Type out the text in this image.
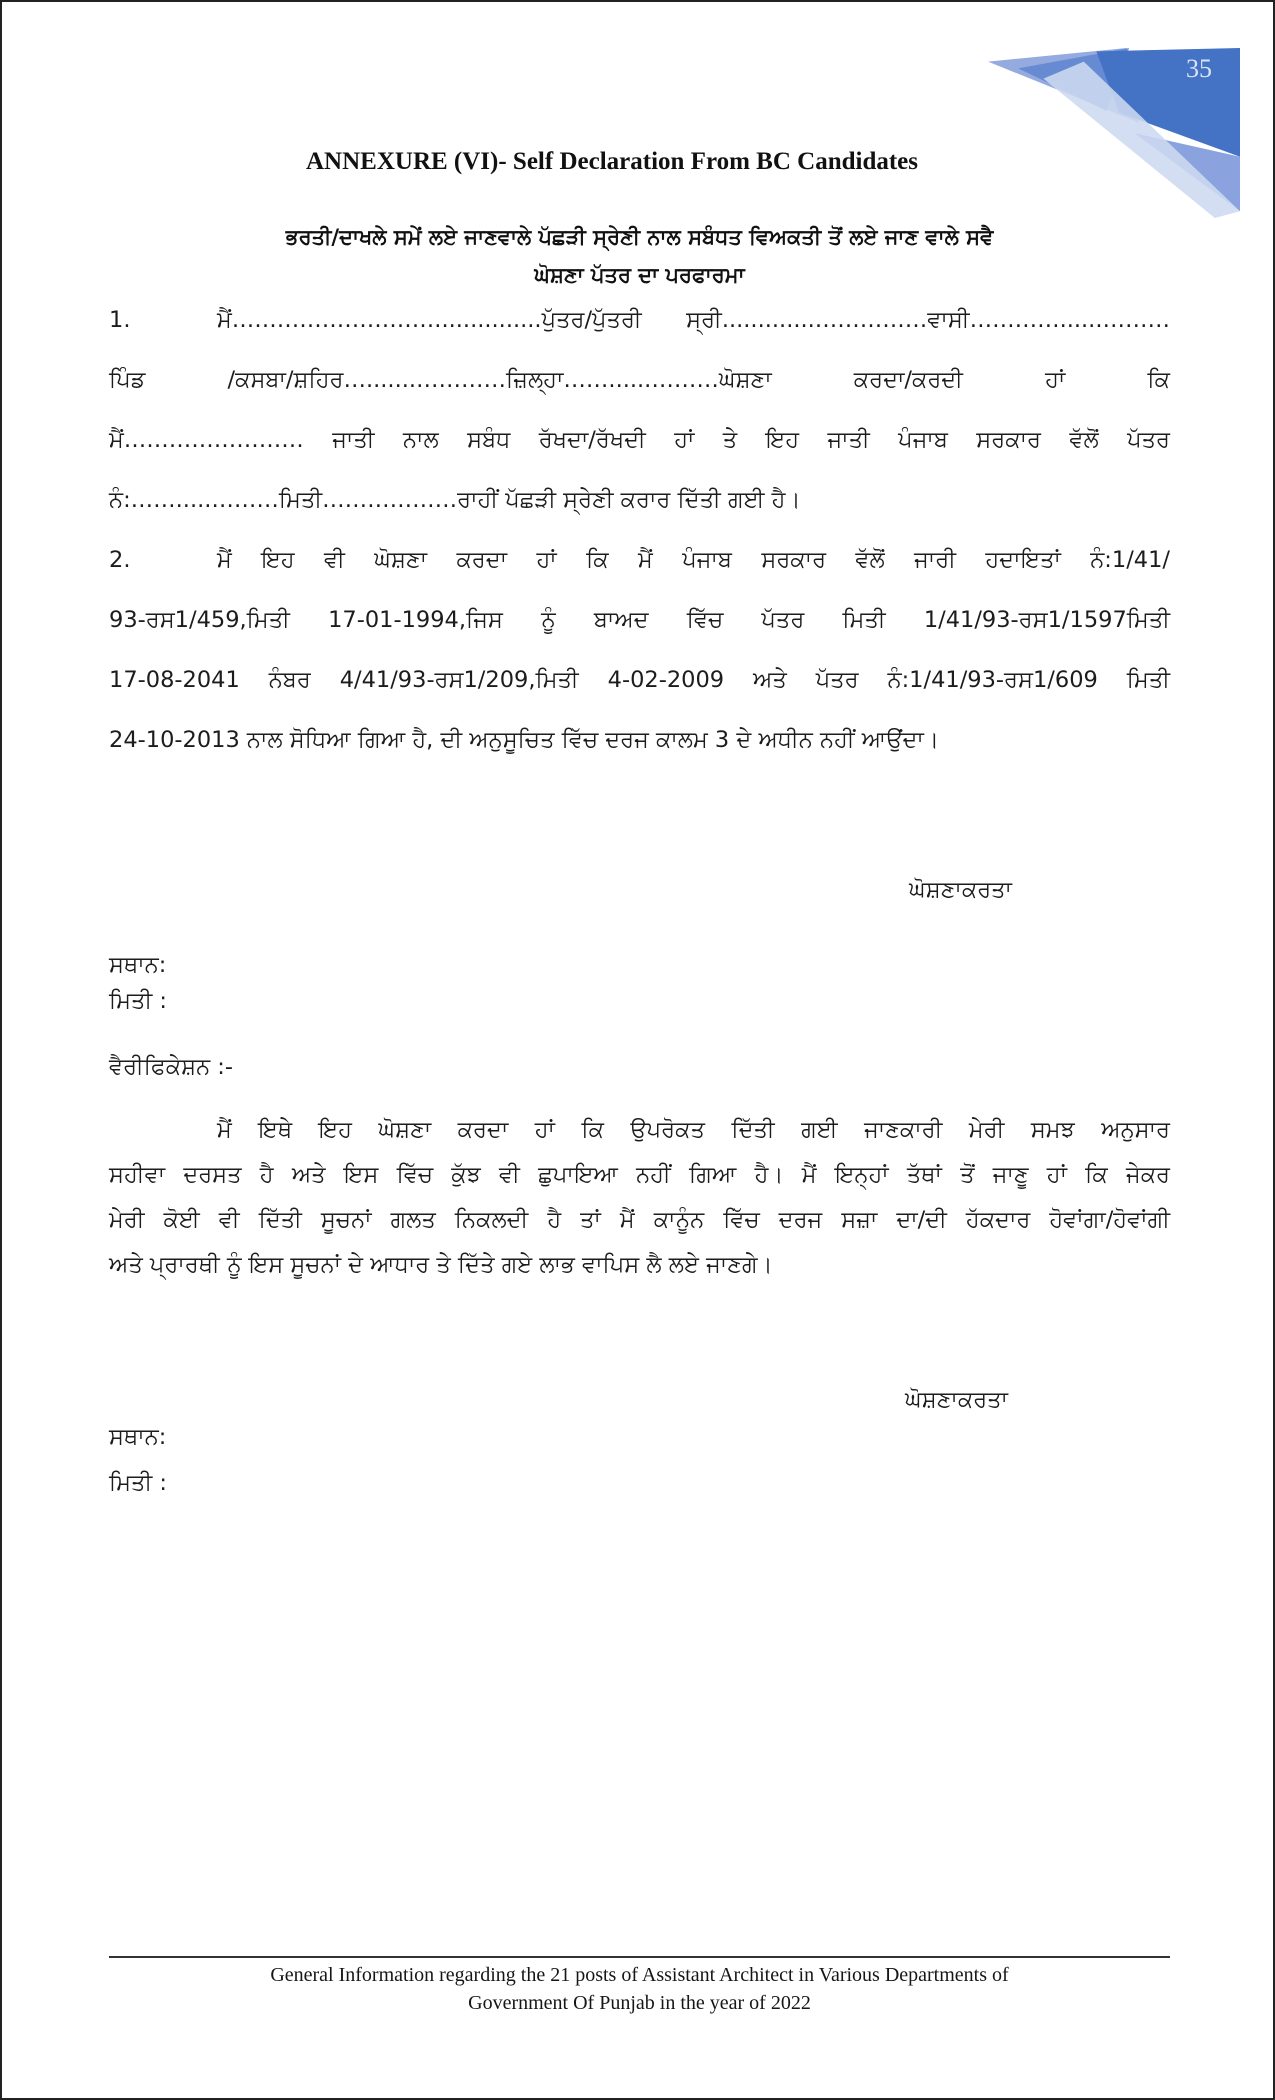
35
ANNEXURE (VI)- Self Declaration From BC Candidates
ਭਰਤੀ/ਦਾਖਲੇ ਸਮੇਂ ਲਏ ਜਾਣਵਾਲੇ ਪੱਛੜੀ ਸ੍ਰੇਣੀ ਨਾਲ ਸਬੰਧਤ ਵਿਅਕਤੀ ਤੋਂ ਲਏ ਜਾਣ ਵਾਲੇ ਸਵੈ
ਘੋਸ਼ਣਾ ਪੱਤਰ ਦਾ ਪਰਫਾਰਮਾ
1.	ਮੈਂ………………………...............ਪੁੱਤਰ/ਪੁੱਤਰੀ ਸ੍ਰੀ.............……………ਵਾਸੀ…………......………
ਪਿੰਡ /ਕਸਬਾ/ਸ਼ਹਿਰ….......…………ਜ਼ਿਲ੍ਹਾ……......………ਘੋਸ਼ਣਾ ਕਰਦਾ/ਕਰਦੀ ਹਾਂ ਕਿ
ਮੈਂ…………………… ਜਾਤੀ ਨਾਲ ਸਬੰਧ ਰੱਖਦਾ/ਰੱਖਦੀ ਹਾਂ ਤੇ ਇਹ ਜਾਤੀ ਪੰਜਾਬ ਸਰਕਾਰ ਵੱਲੋਂ ਪੱਤਰ
ਨੰ:…….....………ਮਿਤੀ………………ਰਾਹੀਂ ਪੱਛੜੀ ਸ੍ਰੇਣੀ ਕਰਾਰ ਦਿੱਤੀ ਗਈ ਹੈ।
2.	ਮੈਂ ਇਹ ਵੀ ਘੋਸ਼ਣਾ ਕਰਦਾ ਹਾਂ ਕਿ ਮੈਂ ਪੰਜਾਬ ਸਰਕਾਰ ਵੱਲੋਂ ਜਾਰੀ ਹਦਾਇਤਾਂ ਨੰ:1/41/
93-ਰਸ1/459,ਮਿਤੀ 17-01-1994,ਜਿਸ ਨੂੰ ਬਾਅਦ ਵਿੱਚ ਪੱਤਰ ਮਿਤੀ 1/41/93-ਰਸ1/1597ਮਿਤੀ
17-08-2041 ਨੰਬਰ 4/41/93-ਰਸ1/209,ਮਿਤੀ 4-02-2009 ਅਤੇ ਪੱਤਰ ਨੰ:1/41/93-ਰਸ1/609 ਮਿਤੀ
24-10-2013 ਨਾਲ ਸੋਧਿਆ ਗਿਆ ਹੈ, ਦੀ ਅਨੁਸੂਚਿਤ ਵਿੱਚ ਦਰਜ ਕਾਲਮ 3 ਦੇ ਅਧੀਨ ਨਹੀਂ ਆਉਂਦਾ।
ਘੋਸ਼ਣਾਕਰਤਾ
ਸਥਾਨ:
ਮਿਤੀ :
ਵੈਰੀਫਿਕੇਸ਼ਨ :-
ਮੈਂ ਇਥੇ ਇਹ ਘੋਸ਼ਣਾ ਕਰਦਾ ਹਾਂ ਕਿ ਉਪਰੋਕਤ ਦਿੱਤੀ ਗਈ ਜਾਣਕਾਰੀ ਮੇਰੀ ਸਮਝ ਅਨੁਸਾਰ
ਸਹੀਵਾ ਦਰਸਤ ਹੈ ਅਤੇ ਇਸ ਵਿੱਚ ਕੁੱਝ ਵੀ ਛੁਪਾਇਆ ਨਹੀਂ ਗਿਆ ਹੈ। ਮੈਂ ਇਨ੍ਹਾਂ ਤੱਥਾਂ ਤੋਂ ਜਾਣੂ ਹਾਂ ਕਿ ਜੇਕਰ
ਮੇਰੀ ਕੋਈ ਵੀ ਦਿੱਤੀ ਸੂਚਨਾਂ ਗਲਤ ਨਿਕਲਦੀ ਹੈ ਤਾਂ ਮੈਂ ਕਾਨੂੰਨ ਵਿੱਚ ਦਰਜ ਸਜ਼ਾ ਦਾ/ਦੀ ਹੱਕਦਾਰ ਹੋਵਾਂਗਾ/ਹੋਵਾਂਗੀ
ਅਤੇ ਪ੍ਰਾਰਥੀ ਨੂੰ ਇਸ ਸੂਚਨਾਂ ਦੇ ਆਧਾਰ ਤੇ ਦਿੱਤੇ ਗਏ ਲਾਭ ਵਾਪਿਸ ਲੈ ਲਏ ਜਾਣਗੇ।
ਘੋਸ਼ਣਾਕਰਤਾ
ਸਥਾਨ:
ਮਿਤੀ :
General Information regarding the 21 posts of Assistant Architect in Various Departments of
Government Of Punjab in the year of 2022
